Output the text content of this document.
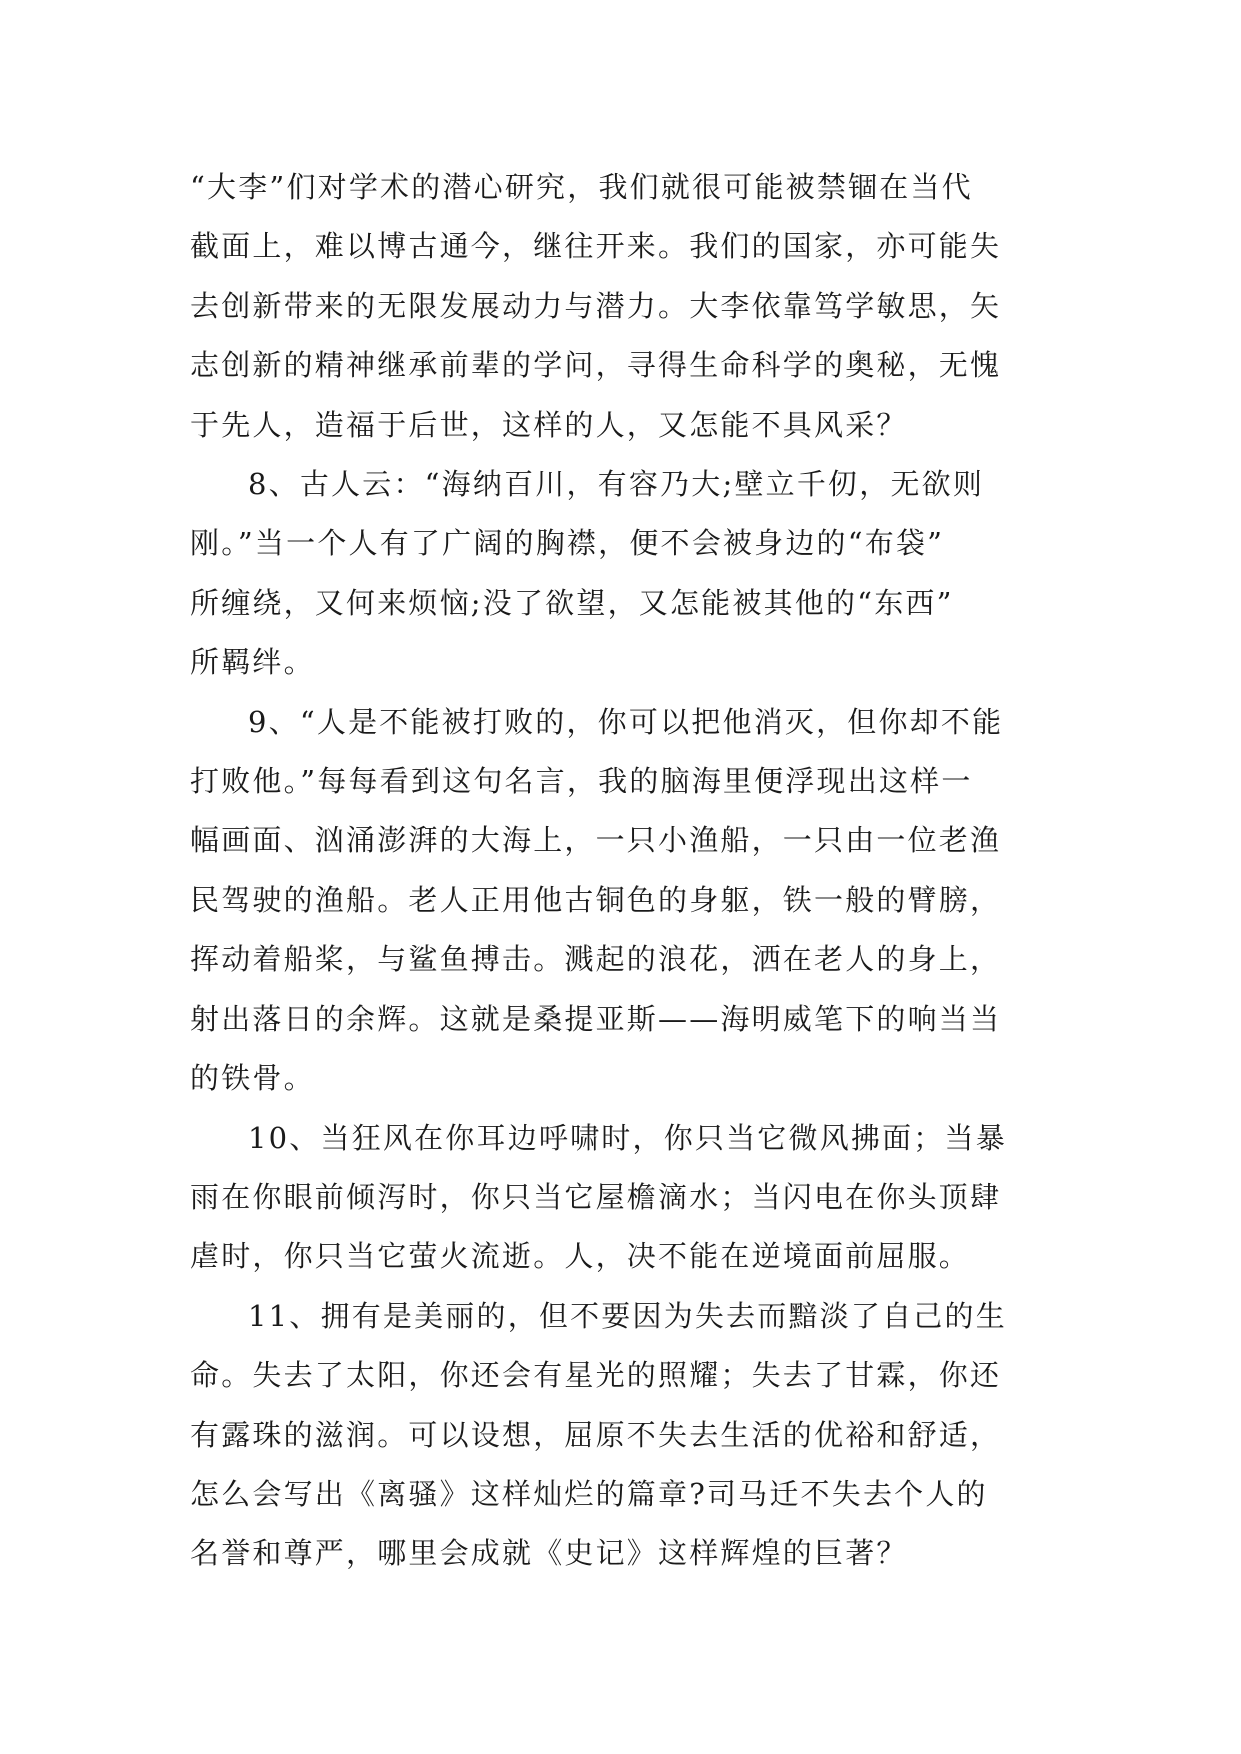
“大李”们对学术的潜心研究，我们就很可能被禁锢在当代
截面上，难以博古通今，继往开来。我们的国家，亦可能失
去创新带来的无限发展动力与潜力。大李依靠笃学敏思，矢
志创新的精神继承前辈的学问，寻得生命科学的奥秘，无愧
于先人，造福于后世，这样的人，又怎能不具风采？
8、古人云：“海纳百川，有容乃大;壁立千仞，无欲则
刚。”当一个人有了广阔的胸襟，便不会被身边的“布袋”
所缠绕，又何来烦恼;没了欲望，又怎能被其他的“东西”
所羁绊。
9、“人是不能被打败的，你可以把他消灭，但你却不能
打败他。”每每看到这句名言，我的脑海里便浮现出这样一
幅画面、汹涌澎湃的大海上，一只小渔船，一只由一位老渔
民驾驶的渔船。老人正用他古铜色的身躯，铁一般的臂膀，
挥动着船桨，与鲨鱼搏击。溅起的浪花，洒在老人的身上，
射出落日的余辉。这就是桑提亚斯——海明威笔下的响当当
的铁骨。
10、当狂风在你耳边呼啸时，你只当它微风拂面；当暴
雨在你眼前倾泻时，你只当它屋檐滴水；当闪电在你头顶肆
虐时，你只当它萤火流逝。人，决不能在逆境面前屈服。
11、拥有是美丽的，但不要因为失去而黯淡了自己的生
命。失去了太阳，你还会有星光的照耀；失去了甘霖，你还
有露珠的滋润。可以设想，屈原不失去生活的优裕和舒适，
怎么会写出《离骚》这样灿烂的篇章?司马迁不失去个人的
名誉和尊严，哪里会成就《史记》这样辉煌的巨著？
